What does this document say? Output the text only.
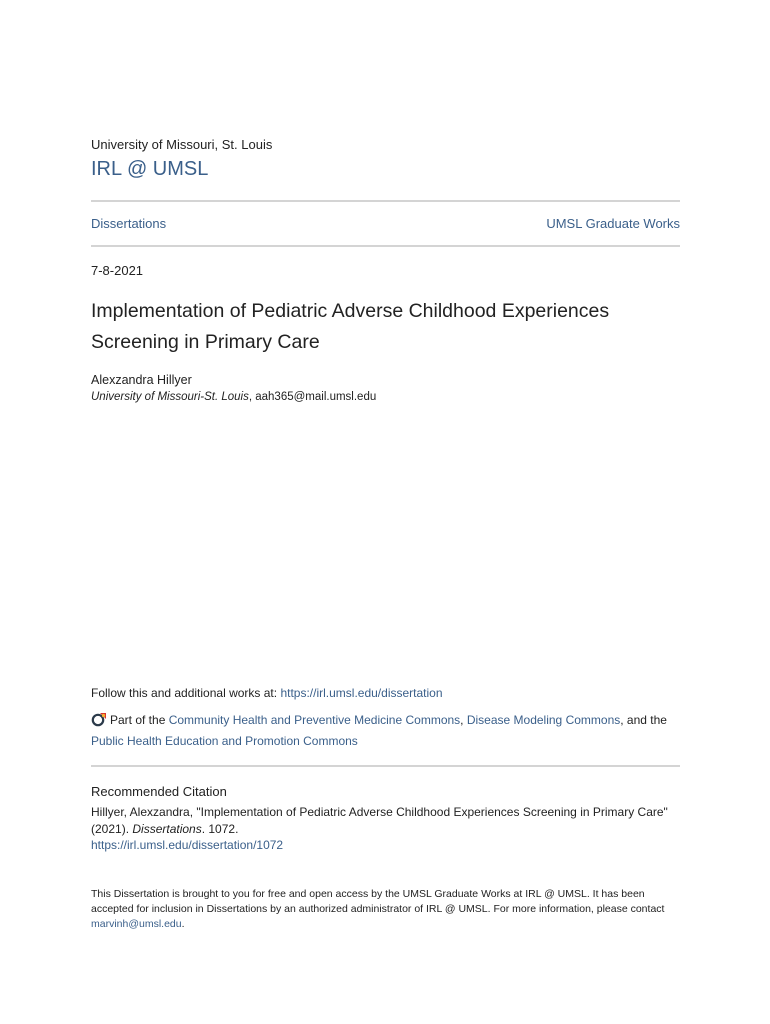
University of Missouri, St. Louis
IRL @ UMSL
Dissertations	UMSL Graduate Works
7-8-2021
Implementation of Pediatric Adverse Childhood Experiences Screening in Primary Care
Alexzandra Hillyer
University of Missouri-St. Louis, aah365@mail.umsl.edu
Follow this and additional works at: https://irl.umsl.edu/dissertation
Part of the Community Health and Preventive Medicine Commons, Disease Modeling Commons, and the Public Health Education and Promotion Commons
Recommended Citation
Hillyer, Alexzandra, "Implementation of Pediatric Adverse Childhood Experiences Screening in Primary Care" (2021). Dissertations. 1072.
https://irl.umsl.edu/dissertation/1072
This Dissertation is brought to you for free and open access by the UMSL Graduate Works at IRL @ UMSL. It has been accepted for inclusion in Dissertations by an authorized administrator of IRL @ UMSL. For more information, please contact marvinh@umsl.edu.
